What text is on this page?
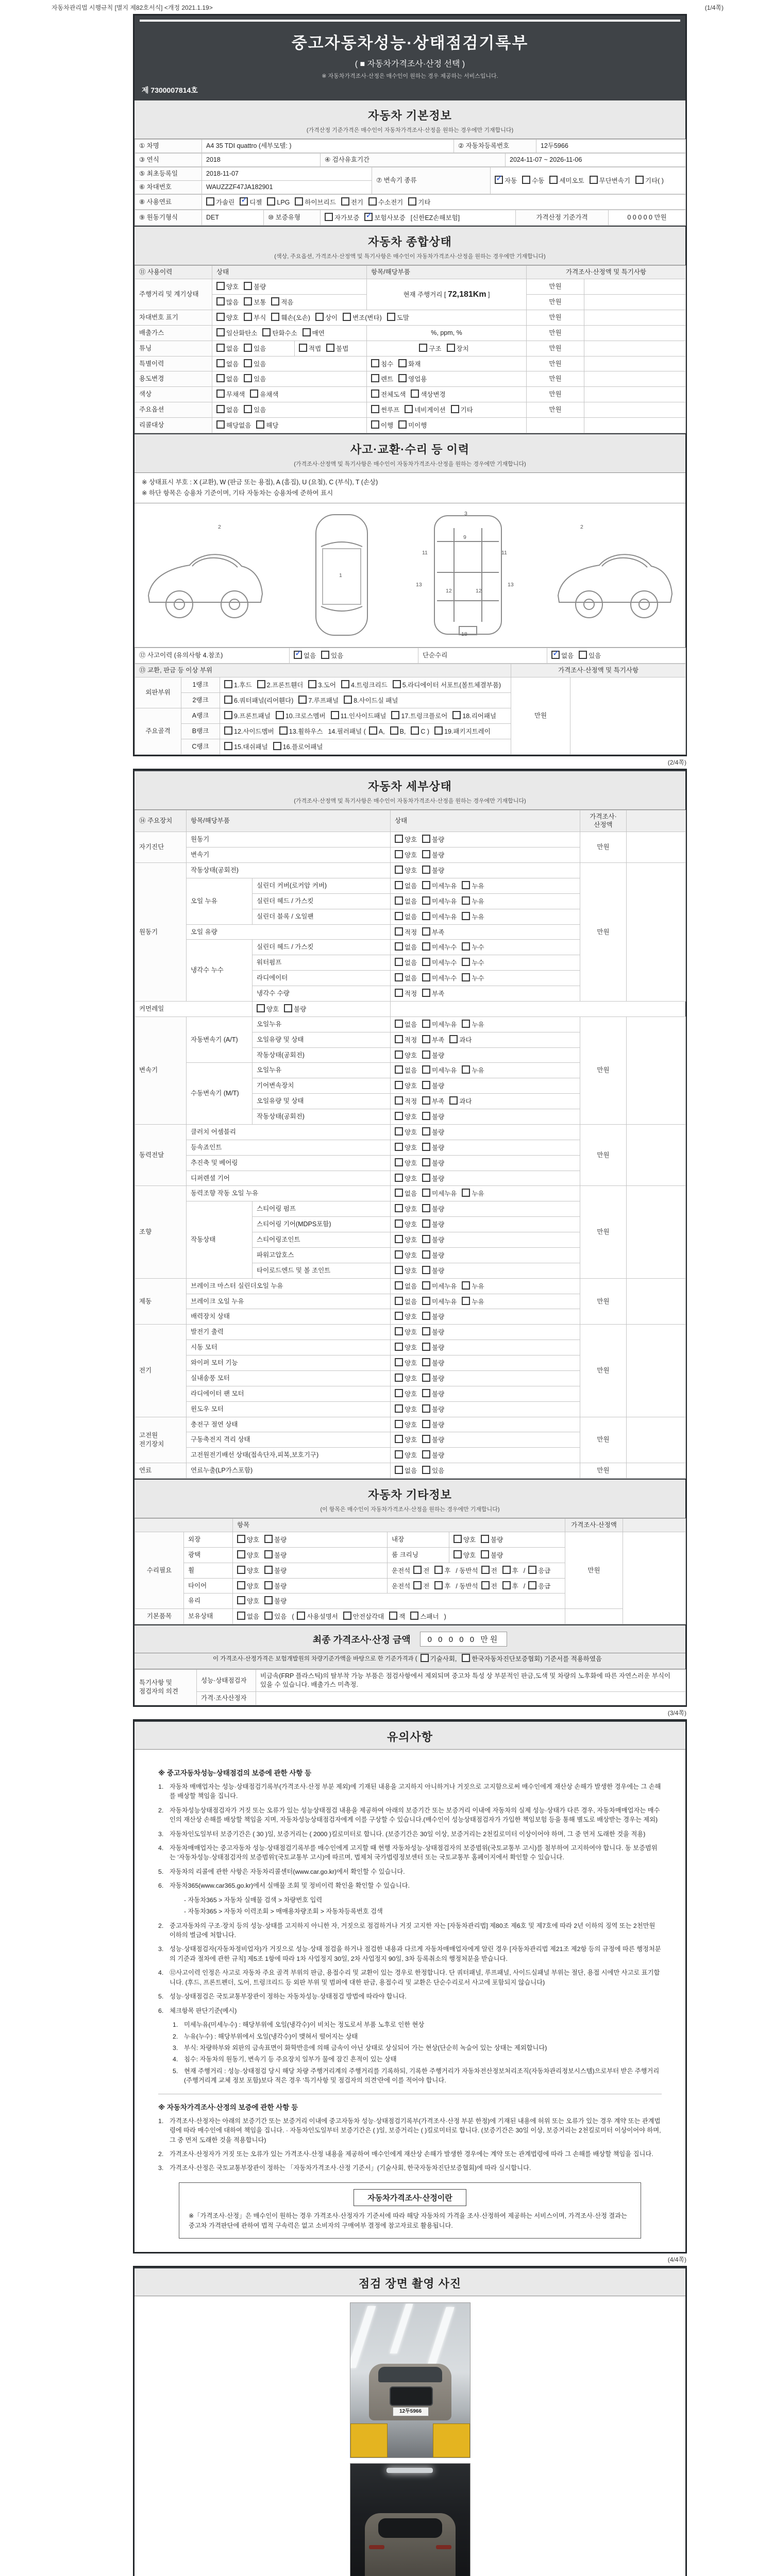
자동차관리법 시행규칙 [별지 제82호서식] <개정 2021.1.19>	(1/4쪽)
중고자동차성능·상태점검기록부
( ■ 자동차가격조사·산정 선택 )
※ 자동차가격조사·산정은 매수인이 원하는 경우 제공하는 서비스입니다.
제 7300007814호
자동차 기본정보
(가격산정 기준가격은 매수인이 자동차가격조사·산정을 원하는 경우에만 기재합니다)
① 차명	A4 35 TDI quattro (세부모델: )	② 자동차등록번호	12두5966
③ 연식	2018	④ 검사유효기간	2024-11-07 ~ 2026-11-06
⑤ 최초등록일	2018-11-07	⑦ 변속기 종류	✓자동 수동 세미오토 무단변속기 기타( )
⑥ 차대번호	WAUZZZF47JA182901		
⑧ 사용연료	가솔린 ✓ 디젤 LPG 하이브리드 전기 수소전기 기타
⑨ 원동기형식	DET	⑩ 보증유형	자가보증 ✓ 보험사보증 [신한EZ손해보험]	가격산정 기준가격	0 0 0 0 0 만원
자동차 종합상태
(색상, 주요옵션, 가격조사·산정액 및 특기사항은 매수인이 자동차가격조사·산정을 원하는 경우에만 기재합니다)
⑪ 사용이력	상태		항목/해당부품	가격조사·산정액 및 특기사항	
주행거리 및 계기상태	양호 불량		현재 주행거리 [ 72,181Km ]	만원	
	많음 보통 적음			만원	
차대번호 표기	양호 부식 훼손(오손) 상이 변조(변타) 도말			만원	
배출가스	일산화탄소 탄화수소 매연		%, ppm, %	만원	
튜닝	없음 있음	적법 불법	구조 장치	만원	
특별이력	없음 있음		침수 화재	만원	
용도변경	없음 있음		렌트 영업용	만원	
색상	무채색 유채색		전체도색 색상변경	만원	
주요옵션	없음 있음		썬루프 네비게이션 기타	만원	
리콜대상	해당없음 해당		이행 미이행		
사고·교환·수리 등 이력
(가격조사·산정액 및 특기사항은 매수인이 자동차가격조사·산정을 원하는 경우에만 기재합니다)
※ 상태표시 부호 : X (교환), W (판금 또는 용접), A (흠집), U (요철), C (부식), T (손상)
※ 하단 항목은 승용차 기준이며, 기타 자동차는 승용차에 준하여 표시
2
1
3
9
11	11
13	13
12	12
18
2
⑫ 사고이력 (유의사항 4.참조)	✓없음 있음	단순수리	✓없음 있음
⑬ 교환, 판금 등 이상 부위			가격조사·산정액 및 특기사항	
외판부위	1랭크	1.후드 2.프론트휀더 3.도어 4.트렁크리드 5.라디에이터 서포트(볼트체결부품)	만원	
	2랭크	6.쿼터패널(리어휀다) 7.루프패널 8.사이드실 패널		
주요골격	A랭크	9.프론트패널 10.크로스멤버 11.인사이드패널 17.트렁크플로어 18.리어패널		
	B랭크	12.사이드멤버 13.휠하우스 14.필러패널 ( A, B, C ) 19.패키지트레이		
	C랭크	15.대쉬패널 16.플로어패널		
(2/4쪽)
자동차 세부상태
(가격조사·산정액 및 특기사항은 매수인이 자동차가격조사·산정을 원하는 경우에만 기재합니다)
⑭ 주요장치	항목/해당부품		상태	가격조사·산정액	
자기진단	원동기		양호 불량	만원	
	변속기		양호 불량		
원동기	작동상태(공회전)		양호 불량	만원	
	오일 누유	실린더 커버(로커암 커버)	없음 미세누유 누유		
		실린더 헤드 / 가스킷	없음 미세누유 누유		
		실린더 블록 / 오일팬	없음 미세누유 누유		
	오일 유량		적정 부족		
	냉각수 누수	실린더 헤드 / 가스킷	없음 미세누수 누수		
		워터펌프	없음 미세누수 누수		
		라디에이터	없음 미세누수 누수		
		냉각수 수량	적정 부족		
커먼레일		양호 불량			
변속기	자동변속기 (A/T)	오일누유	없음 미세누유 누유	만원	
		오일유량 및 상태	적정 부족 과다		
		작동상태(공회전)	양호 불량		
	수동변속기 (M/T)	오일누유	없음 미세누유 누유		
		기어변속장치	양호 불량		
		오일유량 및 상태	적정 부족 과다		
		작동상태(공회전)	양호 불량		
동력전달	클러치 어셈블리		양호 불량	만원	
	등속죠인트		양호 불량		
	추진축 및 베어링		양호 불량		
	디퍼렌셜 기어		양호 불량		
조향	동력조향 작동 오일 누유		없음 미세누유 누유	만원	
	작동상태	스티어링 펌프	양호 불량		
		스티어링 기어(MDPS포함)	양호 불량		
		스티어링조인트	양호 불량		
		파워고압호스	양호 불량		
		타이로드엔드 및 볼 조인트	양호 불량		
제동	브레이크 마스터 실린더오일 누유		없음 미세누유 누유	만원	
	브레이크 오일 누유		없음 미세누유 누유		
	배력장치 상태		양호 불량		
전기	발전기 출력		양호 불량	만원	
	시동 모터		양호 불량		
	와이퍼 모터 기능		양호 불량		
	실내송풍 모터		양호 불량		
	라디에이터 팬 모터		양호 불량		
	윈도우 모터		양호 불량		
고전원 전기장치	충전구 절연 상태		양호 불량	만원	
	구동축전지 격리 상태		양호 불량		
	고전원전기배선 상태(접속단자,피복,보호기구)		양호 불량		
연료	연료누출(LP가스포함)		없음 있음	만원	
자동차 기타정보
(이 항목은 매수인이 자동차가격조사·산정을 원하는 경우에만 기재합니다)
		항목			가격조사·산정액	
수리필요	외장	양호 불량	내장	양호 불량	만원	
	광택	양호 불량	룸 크리닝	양호 불량		
	휠	양호 불량	운전석 전 후 / 동반석 전 후 / 응급			
	타이어	양호 불량	운전석 전 후 / 동반석 전 후 / 응급			
	유리	양호 불량				
기본품목	보유상태	없음 있음 ( 사용설명서 안전삼각대 잭 스패너 )				
최종 가격조사·산정 금액	0 0 0 0 0 만원
이 가격조사·산정가격은 보험개발원의 차량기준가액을 바탕으로 한 기준가격과 (	기술사회,	한국자동차진단보증협회) 기준서를 적용하였음
특기사항 및 점검자의 의견	성능·상태점검자	비금속(FRP 플라스틱)의 탈부착 가능 부품은 점검사항에서 제외되며 중고차 특성 상 부분적인 판금,도색 및 차량의 노후화에 따른 자연스러운 부식이 있을 수 있습니다. 배출가스 미측정.
	가격·조사산정자	
(3/4쪽)
유의사항
※ 중고자동차성능·상태점검의 보증에 관한 사항 등
1. 자동차 매매업자는 성능·상태점검기록부(가격조사·산정 부분 제외)에 기재된 내용을 고지하지 아니하거나 거짓으로 고지함으로써 매수인에게 재산상 손해가 발생한 경우에는 그 손해를 배상할 책임을 집니다.
2. 자동차성능상태점검자가 거짓 또는 오류가 있는 성능상태점검 내용을 제공하여 아래의 보증기간 또는 보증거리 이내에 자동차의 실제 성능·상태가 다른 경우, 자동차매매업자는 매수인의 재산상 손해를 배상할 책임을 지며, 자동차성능상태점검자에게 이를 구상할 수 있습니다.(매수인이 성능상태점검자가 가입한 책임보험 등을 통해 별도로 배상받는 경우는 제외)
3. 자동차인도일부터 보증기간은 ( 30 )일, 보증거리는 ( 2000 )킬로미터로 합니다. (보증기간은 30일 이상, 보증거리는 2천킬로미터 이상이어야 하며, 그 중 먼저 도래한 것을 적용)
4. 자동차매매업자는 중고자동차 성능·상태점검기록부를 매수인에게 고지할 때 현행 자동차성능·상태점검자의 보증범위(국토교통부 고시)를 첨부하여 고지하여야 합니다. 동 보증범위는 '자동차성능·상태점검자의 보증범위'(국토교통부 고시)에 따르며, 법제처 국가법령정보센터 또는 국토교통부 홈페이지에서 확인할 수 있습니다.
5. 자동차의 리콜에 관한 사항은 자동차리콜센터(www.car.go.kr)에서 확인할 수 있습니다.
6. 자동차365(www.car365.go.kr)에서 실매물 조회 및 정비이력 확인을 확인할 수 있습니다.
- 자동차365 > 자동차 실매물 검색 > 차량번호 입력
- 자동차365 > 자동차 이력조회 > 매매용차량조회 > 자동차등록번호 검색
2. 중고자동차의 구조·장치 등의 성능·상태를 고지하지 아니한 자, 거짓으로 점검하거나 거짓 고지한 자는 [자동차관리법] 제80조 제6호 및 제7호에 따라 2년 이하의 징역 또는 2천만원 이하의 벌금에 처합니다.
3. 성능·상태점검자(자동차정비업자)가 거짓으로 성능·상태 점검을 하거나 점검한 내용과 다르게 자동차매매업자에게 알린 경우 [자동차관리법 제21조 제2항 등의 규정에 따른 행정처분의 기준과 절차에 관한 규칙] 제5조 1항에 따라 1차 사업정지 30일, 2차 사업정지 90일, 3차 등록취소의 행정처분을 받습니다.
4. ⑫사고이력 인정은 사고로 자동차 주요 골격 부위의 판금, 용접수리 및 교환이 있는 경우로 한정합니다. 단 쿼터패널, 루프패널, 사이드실패널 부위는 절단, 용접 시에만 사고로 표기합니다. (후드, 프론트펜더, 도어, 트렁크리드 등 외판 부위 및 범퍼에 대한 판금, 용접수리 및 교환은 단순수리로서 사고에 포함되지 않습니다)
5. 성능·상태점검은 국토교통부장관이 정하는 자동차성능·상태점검 방법에 따라야 합니다.
6. 체크항목 판단기준(예시)
1. 미세누유(미세누수) : 해당부위에 오일(냉각수)이 비치는 정도로서 부품 노후로 인한 현상
2. 누유(누수) : 해당부위에서 오일(냉각수)이 맺혀서 떨어지는 상태
3. 부식: 차량하부와 외판의 금속표면이 화학반응에 의해 금속이 아닌 상태로 상실되어 가는 현상(단순히 녹슬어 있는 상태는 제외합니다)
4. 침수: 자동차의 원동기, 변속기 등 주요장치 일부가 물에 잠긴 흔적이 있는 상태
5. 현재 주행거리 : 성능·상태점검 당시 해당 차량 주행거리계의 주행거리를 기록하되, 기록한 주행거리가 자동차전산정보처리조직(자동차관리정보시스템)으로부터 받은 주행거리(주행거리계 교체 정보 포함)보다 적은 경우 '특기사항 및 점검자의 의견'란에 이를 적어야 합니다.
※ 자동차가격조사·산정의 보증에 관한 사항 등
1. 가격조사·산정자는 아래의 보증기간 또는 보증거리 이내에 중고자동차 성능·상태점검기록부(가격조사·산정 부분 한정)에 기재된 내용에 허위 또는 오류가 있는 경우 계약 또는 관계법령에 따라 매수인에 대하여 책임을 집니다. · 자동차인도일부터 보증기간은 ( )일, 보증거리는 ( )킬로미터로 합니다. (보증기간은 30일 이상, 보증거리는 2천킬로미터 이상이어야 하며, 그 중 먼저 도래한 것을 적용합니다)
2. 가격조사·산정자가 거짓 또는 오류가 있는 가격조사·산정 내용을 제공하여 매수인에게 재산상 손해가 발생한 경우에는 계약 또는 관계법령에 따라 그 손해를 배상할 책임을 집니다.
3. 가격조사·산정은 국토교통부장관이 정하는 「자동차가격조사·산정 기준서」(기술사회, 한국자동차진단보증협회)에 따라 실시합니다.
자동차가격조사·산정이란
※「가격조사·산정」은 매수인이 원하는 경우 가격조사·산정자가 기준서에 따라 해당 자동차의 가격을 조사·산정하여 제공하는 서비스이며, 가격조사·산정 결과는 중고차 가격판단에 관하여 법적 구속력은 없고 소비자의 구매여부 결정에 참고자료로 활용됩니다.
(4/4쪽)
점검 장면 촬영 사진
12두5966
